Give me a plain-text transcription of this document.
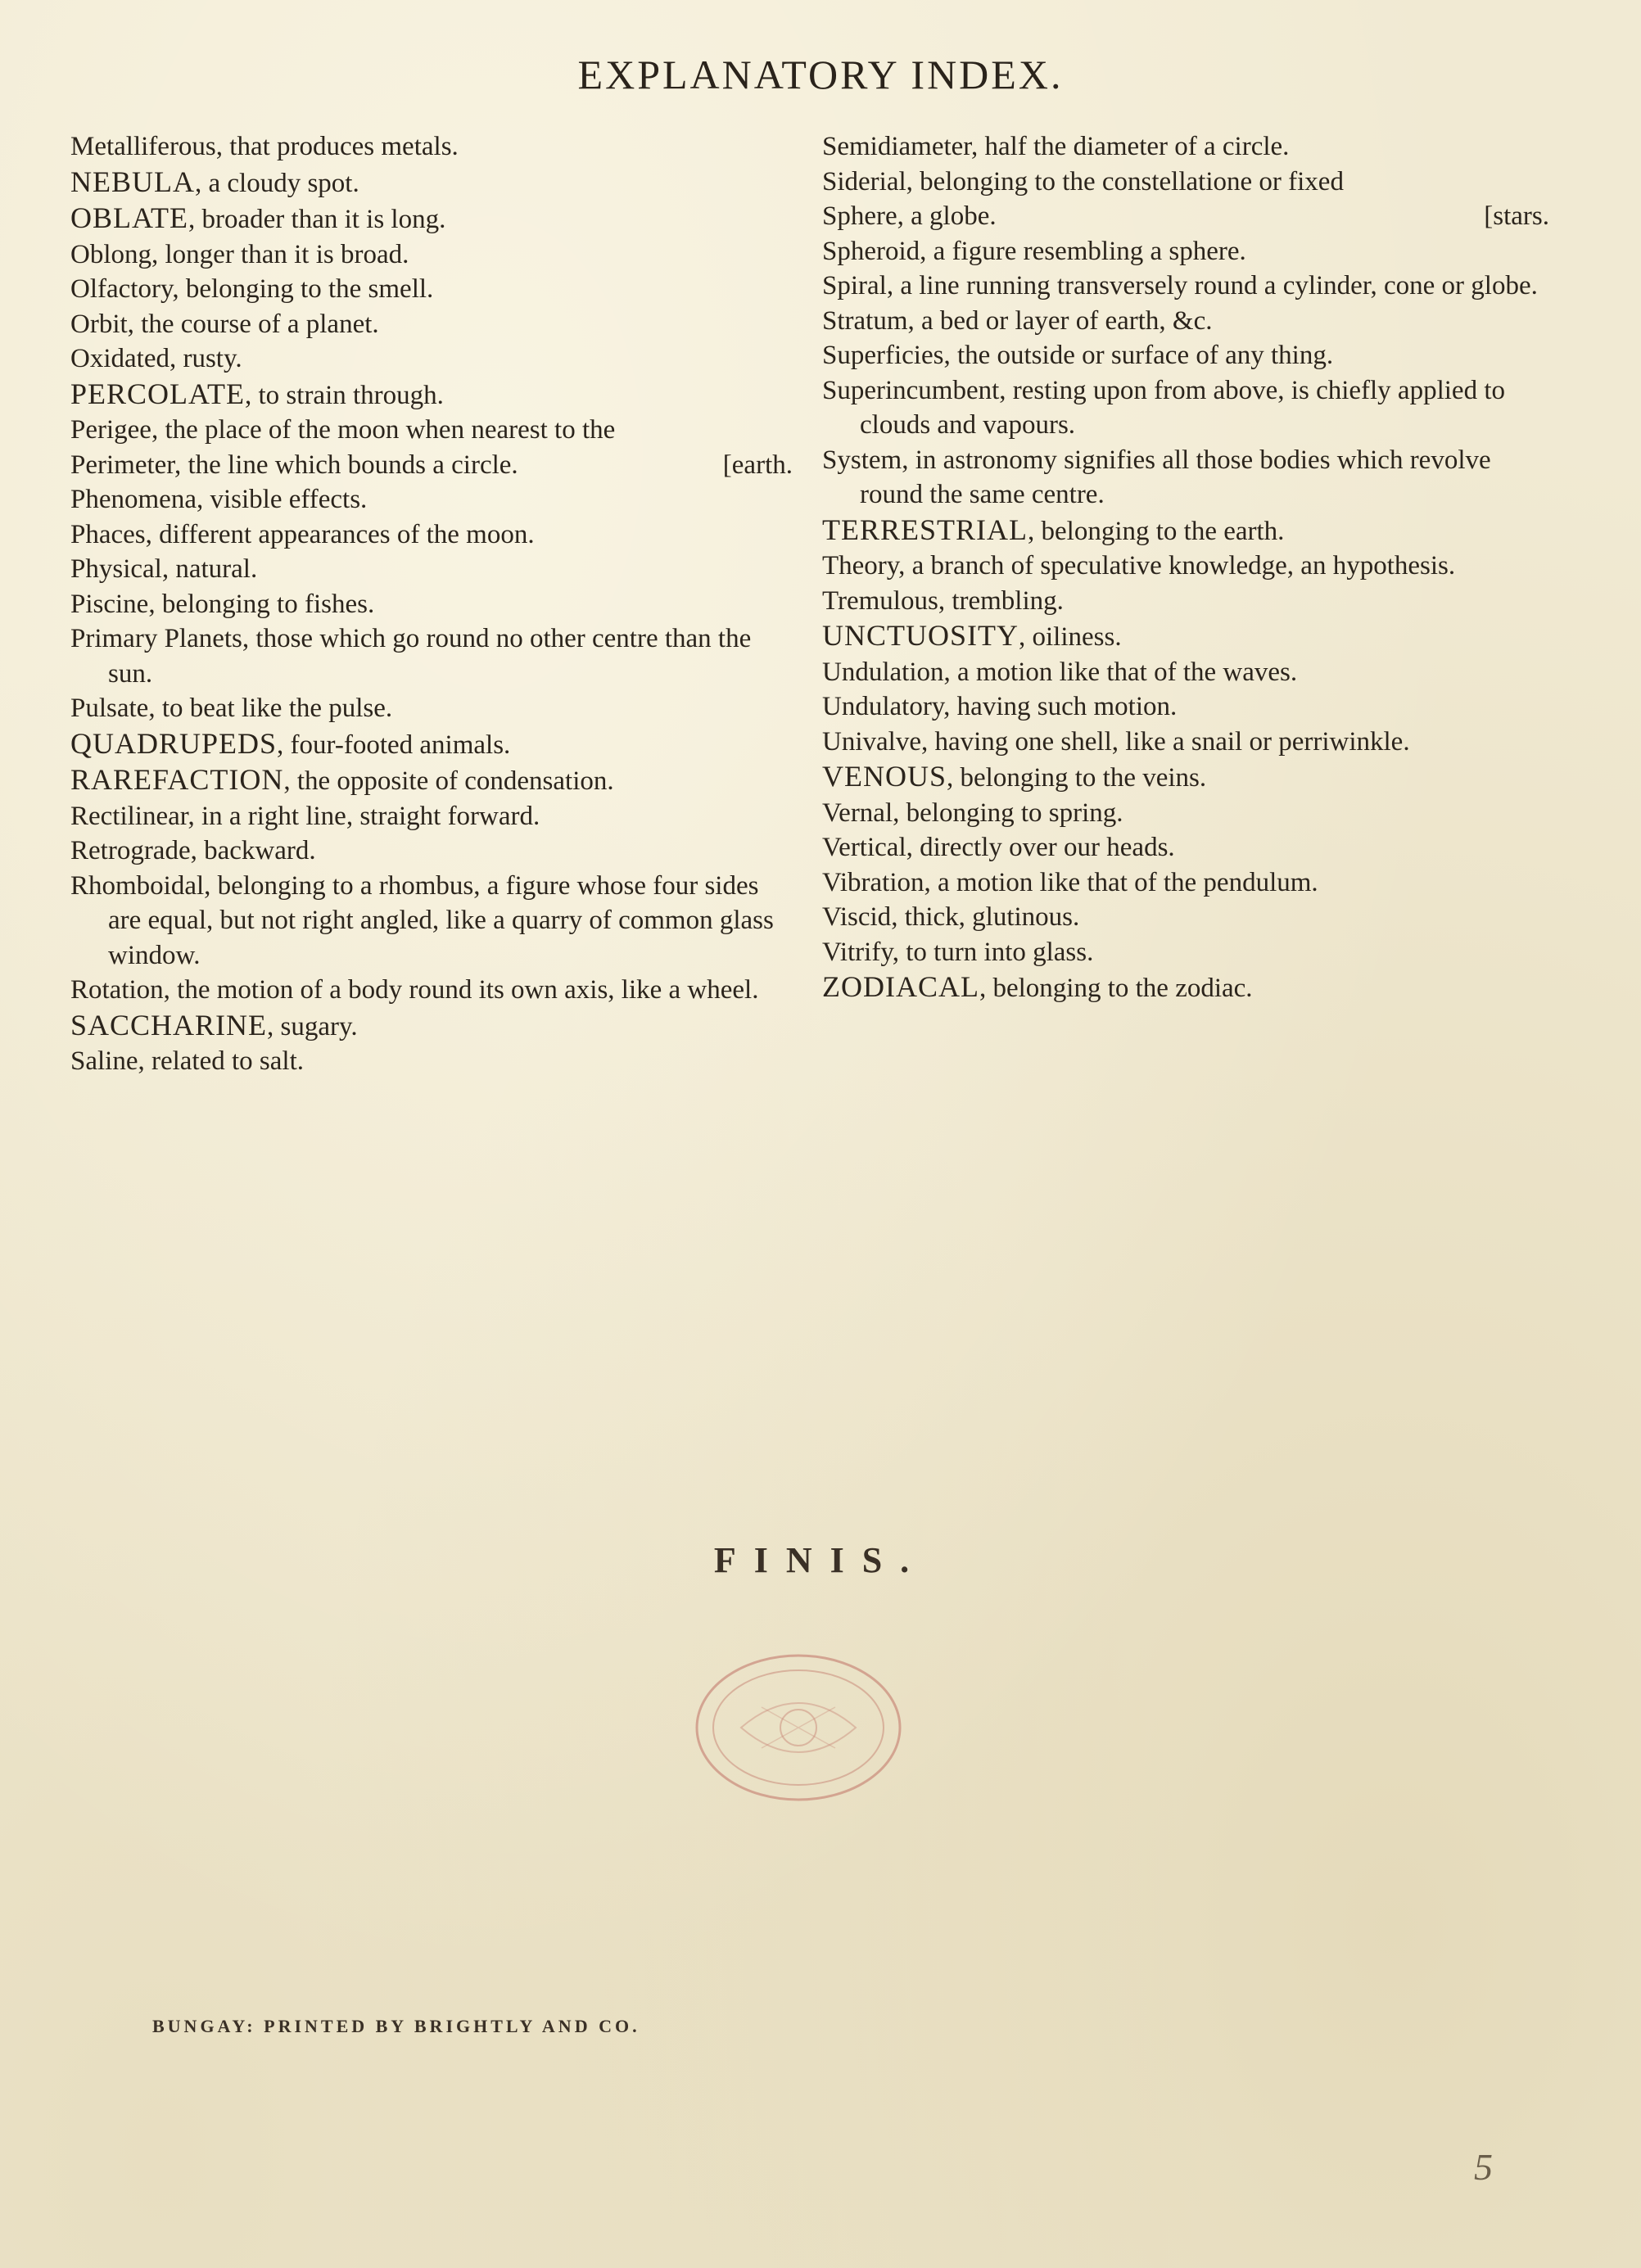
EXPLANATORY INDEX.
Metalliferous, that produces metals.
NEBULA, a cloudy spot.
OBLATE, broader than it is long.
Oblong, longer than it is broad.
Olfactory, belonging to the smell.
Orbit, the course of a planet.
Oxidated, rusty.
PERCOLATE, to strain through.
Perigee, the place of the moon when nearest to the
Perimeter, the line which bounds a circle.	[earth.
Phenomena, visible effects.
Phaces, different appearances of the moon.
Physical, natural.
Piscine, belonging to fishes.
Primary Planets, those which go round no other centre than the sun.
Pulsate, to beat like the pulse.
QUADRUPEDS, four-footed animals.
RAREFACTION, the opposite of condensation.
Rectilinear, in a right line, straight forward.
Retrograde, backward.
Rhomboidal, belonging to a rhombus, a figure whose four sides are equal, but not right angled, like a quarry of common glass window.
Rotation, the motion of a body round its own axis, like a wheel.
SACCHARINE, sugary.
Saline, related to salt.
Semidiameter, half the diameter of a circle.
Siderial, belonging to the constellatione or fixed
Sphere, a globe.	[stars.
Spheroid, a figure resembling a sphere.
Spiral, a line running transversely round a cylinder, cone or globe.
Stratum, a bed or layer of earth, &c.
Superficies, the outside or surface of any thing.
Superincumbent, resting upon from above, is chiefly applied to clouds and vapours.
System, in astronomy signifies all those bodies which revolve round the same centre.
TERRESTRIAL, belonging to the earth.
Theory, a branch of speculative knowledge, an hypothesis.
Tremulous, trembling.
UNCTUOSITY, oiliness.
Undulation, a motion like that of the waves.
Undulatory, having such motion.
Univalve, having one shell, like a snail or perriwinkle.
VENOUS, belonging to the veins.
Vernal, belonging to spring.
Vertical, directly over our heads.
Vibration, a motion like that of the pendulum.
Viscid, thick, glutinous.
Vitrify, to turn into glass.
ZODIACAL, belonging to the zodiac.
FINIS.
BUNGAY: PRINTED BY BRIGHTLY AND CO.
5
